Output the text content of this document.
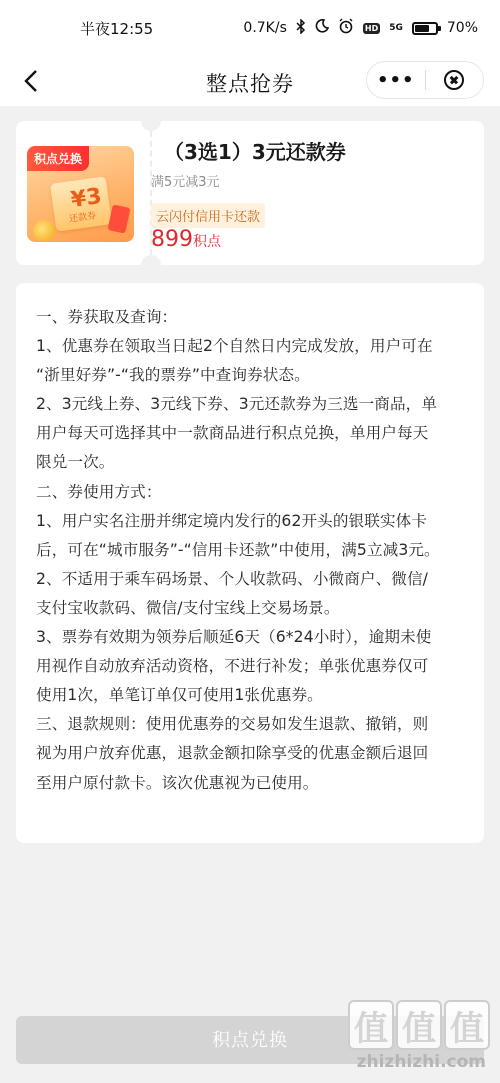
半夜12:55	0.7K/s	HD 5G	70%
整点抢券	•••
积点兑换
¥3
还款券
（3选1）3元还款券
满5元减3元
云闪付信用卡还款
899积点

一、券获取及查询：

1、优惠券在领取当日起2个自然日内完成发放，用户可在

“浙里好券”-“我的票券”中查询券状态。

2、3元线上券、3元线下券、3元还款券为三选一商品，单

用户每天可选择其中一款商品进行积点兑换，单用户每天

限兑一次。

二、券使用方式：

1、用户实名注册并绑定境内发行的62开头的银联实体卡

后，可在“城市服务”-“信用卡还款”中使用，满5立减3元。

2、不适用于乘车码场景、个人收款码、小微商户、微信/

支付宝收款码、微信/支付宝线上交易场景。

3、票券有效期为领券后顺延6天（6*24小时），逾期未使

用视作自动放弃活动资格，不进行补发；单张优惠券仅可

使用1次，单笔订单仅可使用1张优惠券。

三、退款规则：使用优惠券的交易如发生退款、撤销，则

视为用户放弃优惠，退款金额扣除享受的优惠金额后退回

至用户原付款卡。该次优惠视为已使用。

积点兑换	值 值 值
zhizhizhi.com
